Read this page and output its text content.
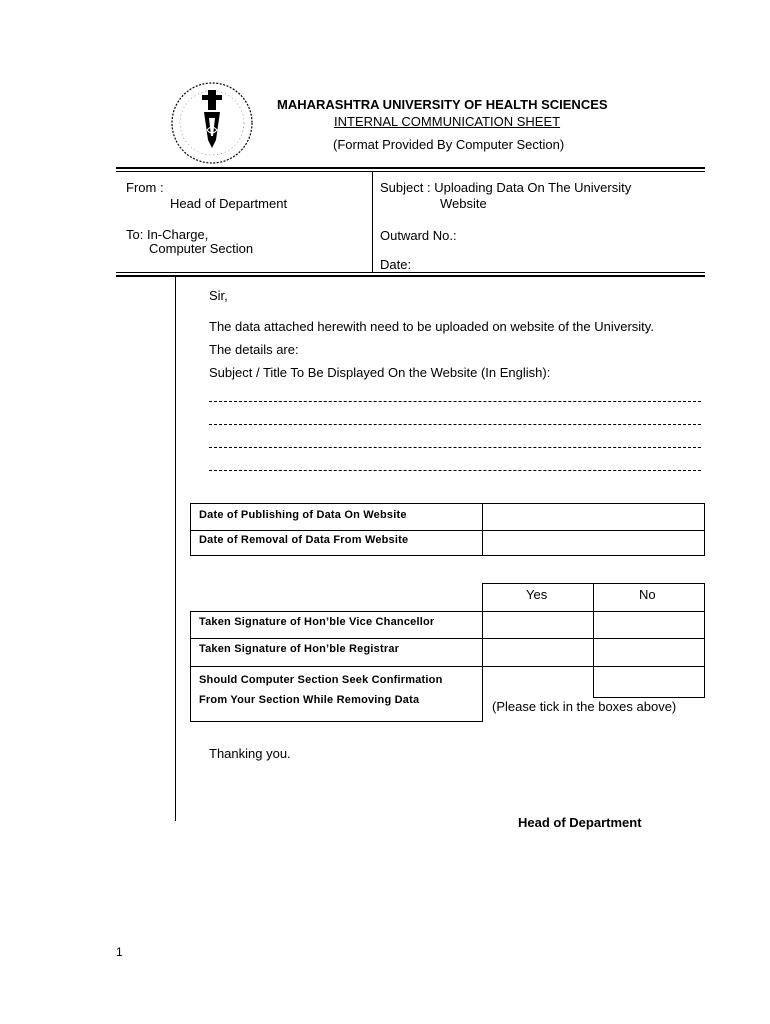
MAHARASHTRA UNIVERSITY OF HEALTH SCIENCES
INTERNAL COMMUNICATION SHEET
(Format Provided By Computer Section)
From :
Head of Department
To: In-Charge,
Computer Section
Subject : Uploading Data On The University
Website
Outward No.:
Date:
Sir,
The data attached herewith need to be uploaded on website of the University.
The details are:
Subject / Title To Be Displayed On the Website (In English):
Date of Publishing of Data On Website
Date of Removal of Data From Website
Yes	No
Taken Signature of Hon’ble Vice Chancellor
Taken Signature of Hon’ble Registrar
Should Computer Section Seek Confirmation
From Your Section While Removing Data	(Please tick in the boxes above)
Thanking you.
Head of Department
1
